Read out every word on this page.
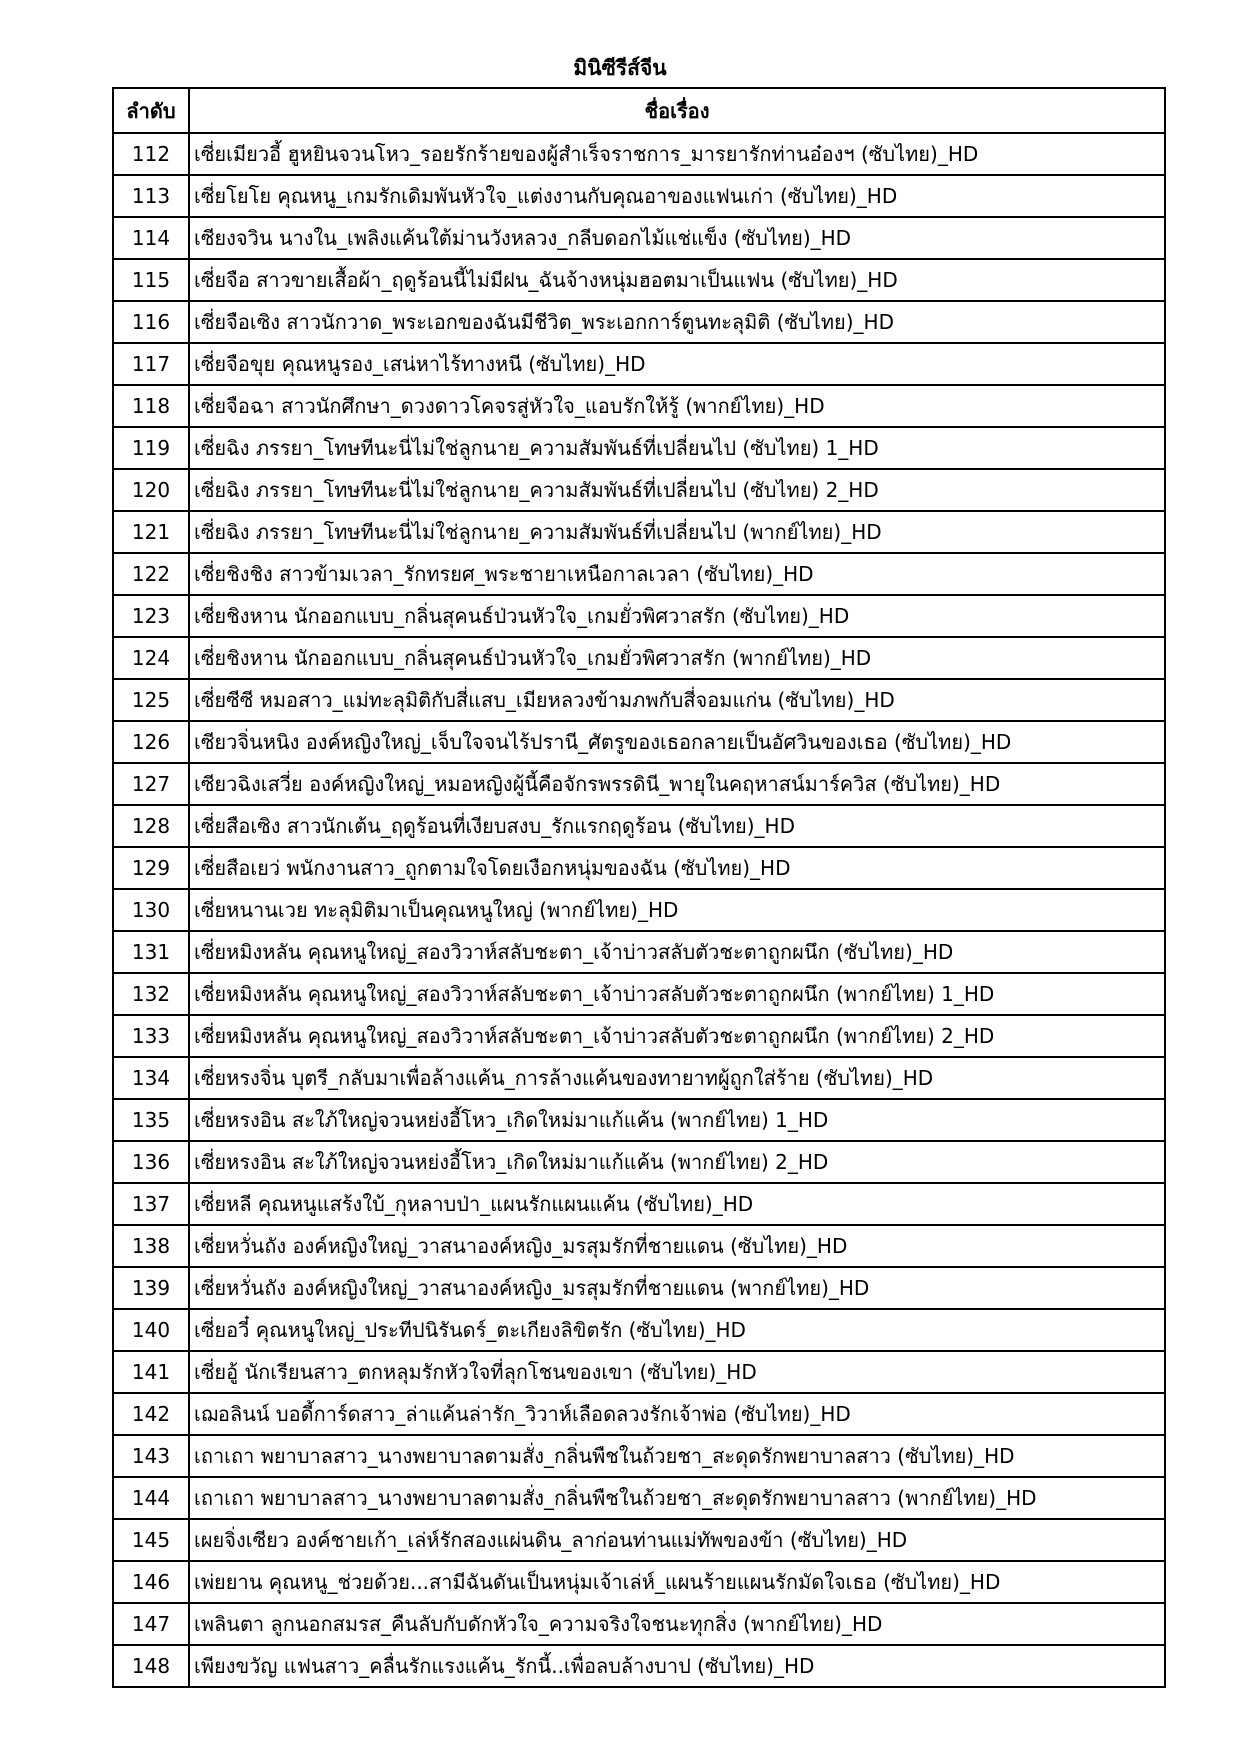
มินิซีรีส์จีน
ลำดับ	ชื่อเรื่อง
112	เซี่ยเมียวอี้ ฮูหยินจวนโหว_รอยรักร้ายของผู้สำเร็จราชการ_มารยารักท่านอ๋องฯ (ซับไทย)_HD
113	เซี่ยโยโย คุณหนู_เกมรักเดิมพันหัวใจ_แต่งงานกับคุณอาของแฟนเก่า (ซับไทย)_HD
114	เซียงจวิน นางใน_เพลิงแค้นใต้ม่านวังหลวง_กลีบดอกไม้แช่แข็ง (ซับไทย)_HD
115	เซี่ยจือ สาวขายเสื้อผ้า_ฤดูร้อนนี้ไม่มีฝน_ฉันจ้างหนุ่มฮอตมาเป็นแฟน (ซับไทย)_HD
116	เซี่ยจือเซิง สาวนักวาด_พระเอกของฉันมีชีวิต_พระเอกการ์ตูนทะลุมิติ (ซับไทย)_HD
117	เซี่ยจือขุย คุณหนูรอง_เสน่หาไร้ทางหนี (ซับไทย)_HD
118	เซี่ยจือฉา สาวนักศึกษา_ดวงดาวโคจรสู่หัวใจ_แอบรักให้รู้ (พากย์ไทย)_HD
119	เซี่ยฉิง ภรรยา_โทษทีนะนี่ไม่ใช่ลูกนาย_ความสัมพันธ์ที่เปลี่ยนไป (ซับไทย) 1_HD
120	เซี่ยฉิง ภรรยา_โทษทีนะนี่ไม่ใช่ลูกนาย_ความสัมพันธ์ที่เปลี่ยนไป (ซับไทย) 2_HD
121	เซี่ยฉิง ภรรยา_โทษทีนะนี่ไม่ใช่ลูกนาย_ความสัมพันธ์ที่เปลี่ยนไป (พากย์ไทย)_HD
122	เซี่ยชิงชิง สาวข้ามเวลา_รักทรยศ_พระชายาเหนือกาลเวลา (ซับไทย)_HD
123	เซี่ยชิงหาน นักออกแบบ_กลิ่นสุคนธ์ป่วนหัวใจ_เกมยั่วพิศวาสรัก (ซับไทย)_HD
124	เซี่ยชิงหาน นักออกแบบ_กลิ่นสุคนธ์ป่วนหัวใจ_เกมยั่วพิศวาสรัก (พากย์ไทย)_HD
125	เซี่ยซีซี หมอสาว_แม่ทะลุมิติกับสี่แสบ_เมียหลวงข้ามภพกับสี่จอมแก่น (ซับไทย)_HD
126	เซียวจิ่นหนิง องค์หญิงใหญ่_เจ็บใจจนไร้ปรานี_ศัตรูของเธอกลายเป็นอัศวินของเธอ (ซับไทย)_HD
127	เซียวฉิงเสวี่ย องค์หญิงใหญ่_หมอหญิงผู้นี้คือจักรพรรดินี_พายุในคฤหาสน์มาร์ควิส (ซับไทย)_HD
128	เซี่ยสือเซิง สาวนักเต้น_ฤดูร้อนที่เงียบสงบ_รักแรกฤดูร้อน (ซับไทย)_HD
129	เซี่ยสือเยว่ พนักงานสาว_ถูกตามใจโดยเงือกหนุ่มของฉัน (ซับไทย)_HD
130	เซี่ยหนานเวย ทะลุมิติมาเป็นคุณหนูใหญ่ (พากย์ไทย)_HD
131	เซี่ยหมิงหลัน คุณหนูใหญ่_สองวิวาห์สลับชะตา_เจ้าบ่าวสลับตัวชะตาถูกผนึก (ซับไทย)_HD
132	เซี่ยหมิงหลัน คุณหนูใหญ่_สองวิวาห์สลับชะตา_เจ้าบ่าวสลับตัวชะตาถูกผนึก (พากย์ไทย) 1_HD
133	เซี่ยหมิงหลัน คุณหนูใหญ่_สองวิวาห์สลับชะตา_เจ้าบ่าวสลับตัวชะตาถูกผนึก (พากย์ไทย) 2_HD
134	เซี่ยหรงจิ่น บุตรี_กลับมาเพื่อล้างแค้น_การล้างแค้นของทายาทผู้ถูกใส่ร้าย (ซับไทย)_HD
135	เซี่ยหรงอิน สะใภ้ใหญ่จวนหย่งอี้โหว_เกิดใหม่มาแก้แค้น (พากย์ไทย) 1_HD
136	เซี่ยหรงอิน สะใภ้ใหญ่จวนหย่งอี้โหว_เกิดใหม่มาแก้แค้น (พากย์ไทย) 2_HD
137	เซี่ยหลี คุณหนูแสร้งใบ้_กุหลาบป่า_แผนรักแผนแค้น (ซับไทย)_HD
138	เซี่ยหวั่นถัง องค์หญิงใหญ่_วาสนาองค์หญิง_มรสุมรักที่ชายแดน (ซับไทย)_HD
139	เซี่ยหวั่นถัง องค์หญิงใหญ่_วาสนาองค์หญิง_มรสุมรักที่ชายแดน (พากย์ไทย)_HD
140	เซี่ยอวี๋ คุณหนูใหญ่_ประทีปนิรันดร์_ตะเกียงลิขิตรัก (ซับไทย)_HD
141	เซี่ยอู้ นักเรียนสาว_ตกหลุมรักหัวใจที่ลุกโชนของเขา (ซับไทย)_HD
142	เฌอลินน์ บอดี้การ์ดสาว_ล่าแค้นล่ารัก_วิวาห์เลือดลวงรักเจ้าพ่อ (ซับไทย)_HD
143	เถาเถา พยาบาลสาว_นางพยาบาลตามสั่ง_กลิ่นพืชในถ้วยชา_สะดุดรักพยาบาลสาว (ซับไทย)_HD
144	เถาเถา พยาบาลสาว_นางพยาบาลตามสั่ง_กลิ่นพืชในถ้วยชา_สะดุดรักพยาบาลสาว (พากย์ไทย)_HD
145	เผยจิ่งเซียว องค์ชายเก้า_เล่ห์รักสองแผ่นดิน_ลาก่อนท่านแม่ทัพของข้า (ซับไทย)_HD
146	เพ่ยยาน คุณหนู_ช่วยด้วย...สามีฉันดันเป็นหนุ่มเจ้าเล่ห์_แผนร้ายแผนรักมัดใจเธอ (ซับไทย)_HD
147	เพลินตา ลูกนอกสมรส_คืนลับกับดักหัวใจ_ความจริงใจชนะทุกสิ่ง (พากย์ไทย)_HD
148	เพียงขวัญ แฟนสาว_คลื่นรักแรงแค้น_รักนี้..เพื่อลบล้างบาป (ซับไทย)_HD
